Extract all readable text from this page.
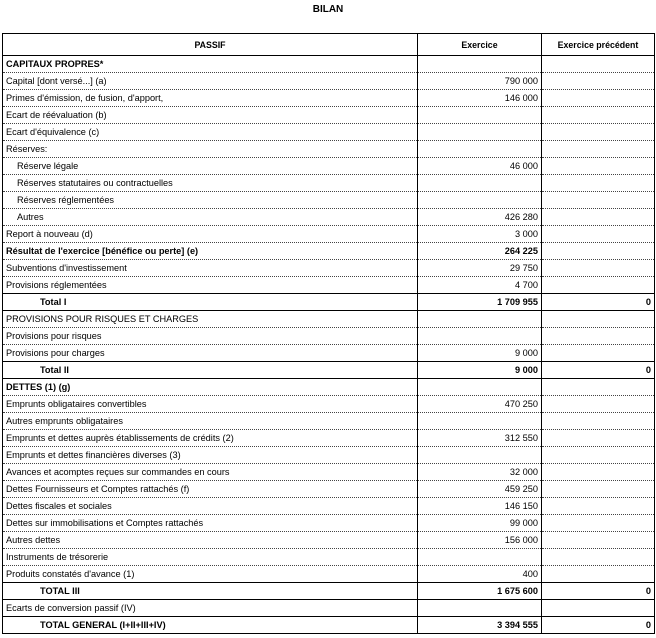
BILAN
PASSIF	Exercice	Exercice précédent
CAPITAUX PROPRES*		
Capital [dont versé...] (a)	790 000	
Primes d'émission, de fusion, d'apport,	146 000	
Ecart de réévaluation (b)		
Ecart d'équivalence (c)		
Réserves:		
Réserve légale	46 000	
Réserves statutaires ou contractuelles		
Réserves réglementées		
Autres	426 280	
Report à nouveau (d)	3 000	
Résultat de l'exercice [bénéfice ou perte] (e)	264 225	
Subventions d'investissement	29 750	
Provisions réglementées	4 700	
Total I	1 709 955	0
PROVISIONS POUR RISQUES ET CHARGES		
Provisions pour risques		
Provisions pour charges	9 000	
Total II	9 000	0
DETTES (1) (g)		
Emprunts obligataires convertibles	470 250	
Autres emprunts obligataires		
Emprunts et dettes auprès établissements de crédits (2)	312 550	
Emprunts et dettes financières diverses (3)		
Avances et acomptes reçues sur commandes en cours	32 000	
Dettes Fournisseurs et Comptes rattachés (f)	459 250	
Dettes fiscales et sociales	146 150	
Dettes sur immobilisations et Comptes rattachés	99 000	
Autres dettes	156 000	
Instruments de trésorerie		
Produits constatés d'avance (1)	400	
TOTAL III	1 675 600	0
Ecarts de conversion passif (IV)		
TOTAL GENERAL (I+II+III+IV)	3 394 555	0
